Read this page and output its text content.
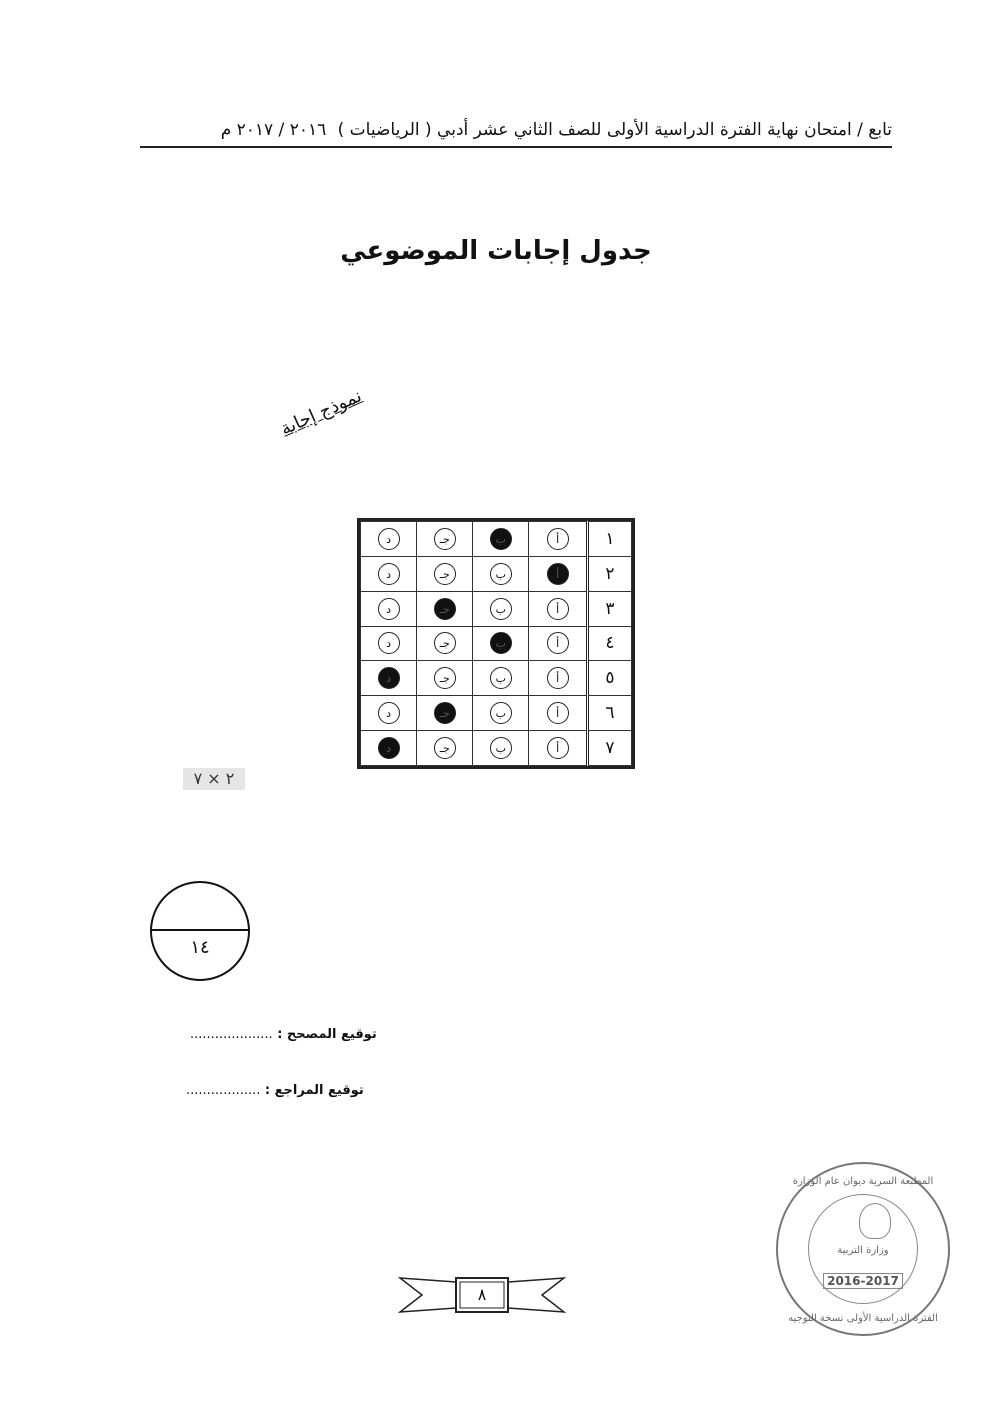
تابع / امتحان نهاية الفترة الدراسية الأولى للصف الثاني عشر أدبي ( الرياضيات ) ٢٠١٦ / ٢٠١٧ م
جدول إجابات الموضوعي
نموذج إجابة
١	أ	ب	جـ	د
٢	أ	ب	جـ	د
٣	أ	ب	جـ	د
٤	أ	ب	جـ	د
٥	أ	ب	جـ	د
٦	أ	ب	جـ	د
٧	أ	ب	جـ	د
٢ × ٧
١٤
توقيع المصحح : ....................
توقيع المراجع : ..................
المطبعة السرية ديوان عام الوزارة
وزارة التربية
2016-2017
الفترة الدراسية الأولى نسخة التوجيه
٨
